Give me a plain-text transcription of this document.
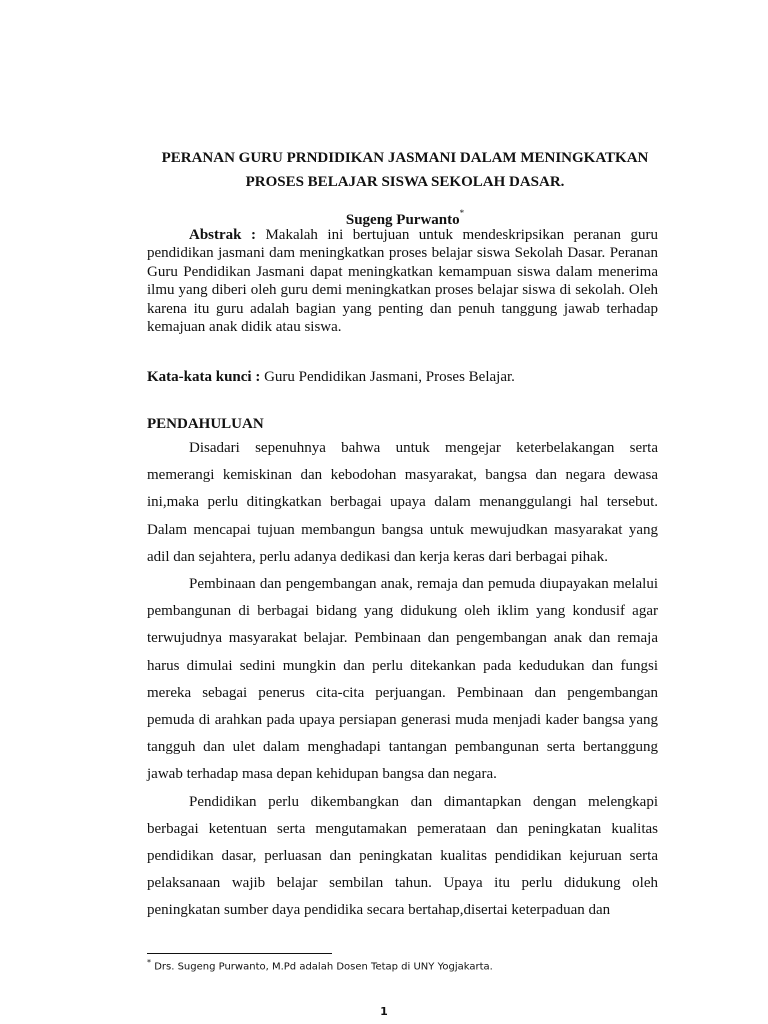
PERANAN GURU PRNDIDIKAN JASMANI DALAM MENINGKATKAN
PROSES BELAJAR SISWA SEKOLAH DASAR.
Sugeng Purwanto*
Abstrak : Makalah ini bertujuan untuk mendeskripsikan peranan guru pendidikan jasmani dam meningkatkan proses belajar siswa Sekolah Dasar. Peranan Guru Pendidikan Jasmani dapat meningkatkan kemampuan siswa dalam menerima ilmu yang diberi oleh guru demi meningkatkan proses belajar siswa di sekolah. Oleh karena itu guru adalah bagian yang penting dan penuh tanggung jawab terhadap kemajuan anak didik atau siswa.
Kata-kata kunci : Guru Pendidikan Jasmani, Proses Belajar.
PENDAHULUAN

Disadari sepenuhnya bahwa untuk mengejar keterbelakangan serta memerangi kemiskinan dan kebodohan masyarakat, bangsa dan negara dewasa ini,maka perlu ditingkatkan berbagai upaya dalam menanggulangi hal tersebut. Dalam mencapai tujuan membangun bangsa untuk mewujudkan masyarakat yang adil dan sejahtera, perlu adanya dedikasi dan kerja keras dari berbagai pihak.

Pembinaan dan pengembangan anak, remaja dan pemuda diupayakan melalui pembangunan di berbagai bidang yang didukung oleh iklim yang kondusif agar terwujudnya masyarakat belajar. Pembinaan dan pengembangan anak dan remaja harus dimulai sedini mungkin dan perlu ditekankan pada kedudukan dan fungsi mereka sebagai penerus cita-cita perjuangan. Pembinaan dan pengembangan pemuda di arahkan pada upaya persiapan generasi muda menjadi kader bangsa yang tangguh dan ulet dalam menghadapi tantangan pembangunan serta bertanggung jawab terhadap masa depan kehidupan bangsa dan negara.

Pendidikan perlu dikembangkan dan dimantapkan dengan melengkapi berbagai ketentuan serta mengutamakan pemerataan dan peningkatan kualitas pendidikan dasar, perluasan dan peningkatan kualitas pendidikan kejuruan serta pelaksanaan wajib belajar sembilan tahun. Upaya itu perlu didukung oleh peningkatan sumber daya pendidika secara bertahap,disertai keterpaduan dan

* Drs. Sugeng Purwanto, M.Pd adalah Dosen Tetap di UNY Yogjakarta.
1
